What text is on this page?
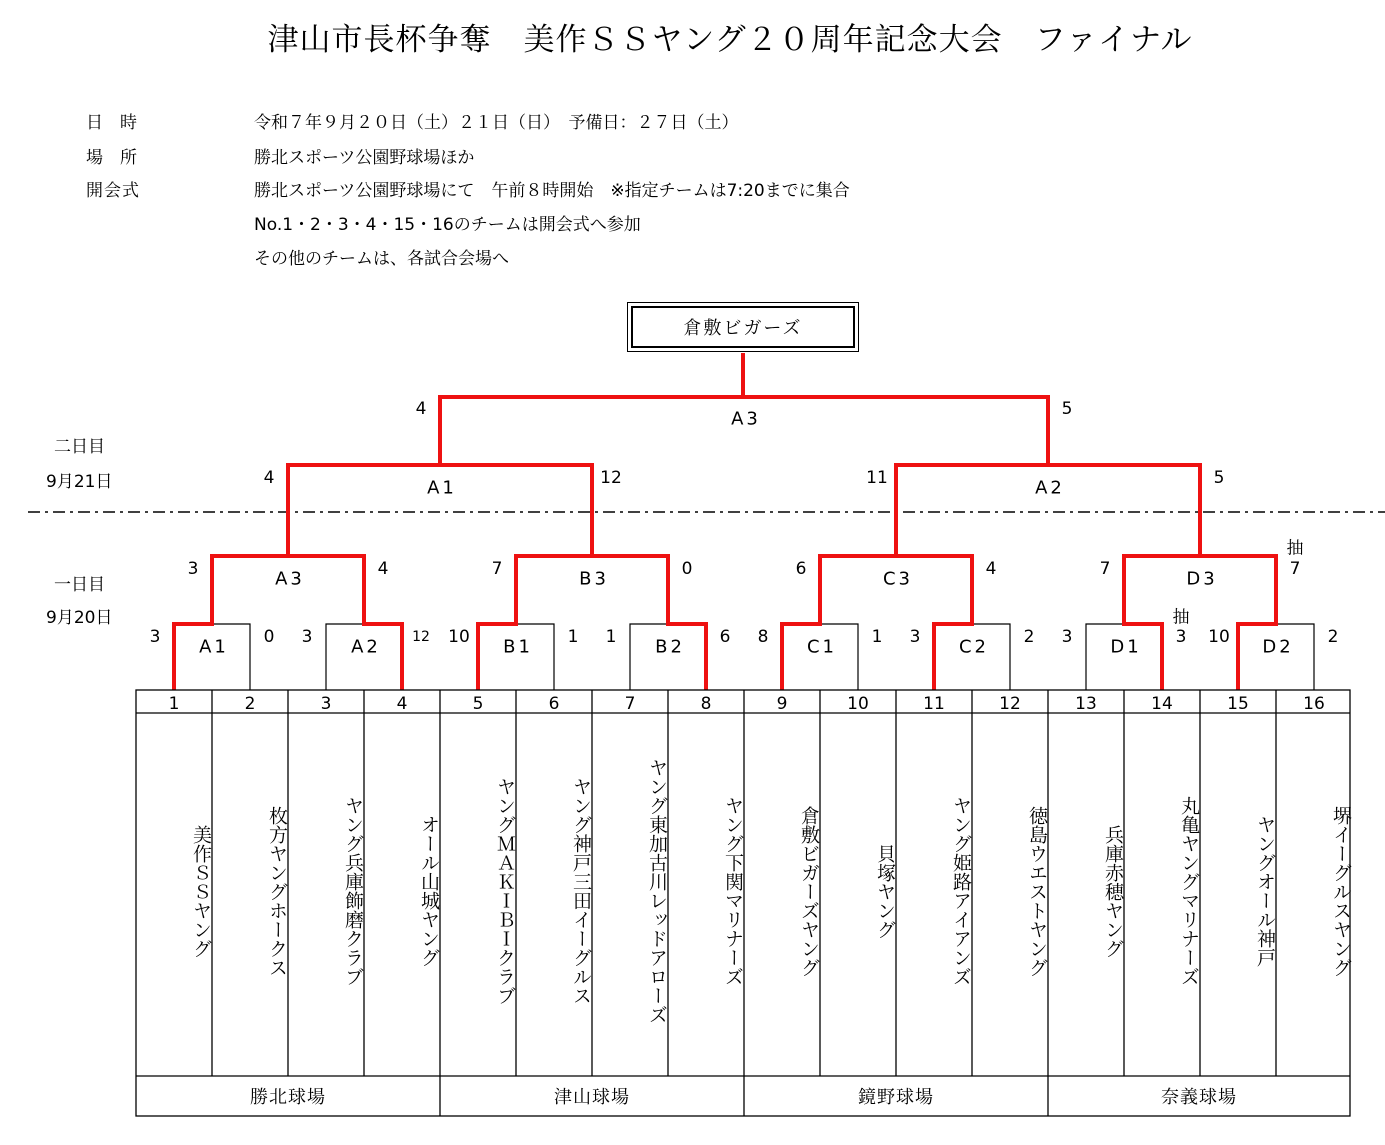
津山市長杯争奪　美作ＳＳヤング２０周年記念大会　ファイナル
日　時	令和７年９月２０日（土）２１日（日）　予備日：２７日（土）
場　所	勝北スポーツ公園野球場ほか
開会式	勝北スポーツ公園野球場にて　午前８時開始　※指定チームは7:20までに集合
No.1・2・3・4・15・16のチームは開会式へ参加
その他のチームは、各試合会場へ
二日目
9月21日
一日目
9月20日
倉敷ビガーズ
A1
3	0	A2
3	12	B1
10	1	B2
1	6	C1
8	1	C2
3	2	D1
3	3
抽
D2
10	2
A3
3	4	B3
7	0	C3
6	4	D3
7	7
抽
A1
4	12	A2
11	5
A3
4	5
1
美作ＳＳヤング
2
枚方ヤングホークス
3
ヤング兵庫飾磨クラブ
4
オール山城ヤング
5
ヤングＭＡＫＩＢＩクラブ
6
ヤング神戸三田イーグルス
7
ヤング東加古川レッドアローズ
8
ヤング下関マリナーズ
9
倉敷ビガーズヤング
10
貝塚ヤング
11
ヤング姫路アイアンズ
12
徳島ウエストヤング
13
兵庫赤穂ヤング
14
丸亀ヤングマリナーズ
15
ヤングオール神戸
16
堺イーグルスヤング
勝北球場	津山球場	鏡野球場	奈義球場
